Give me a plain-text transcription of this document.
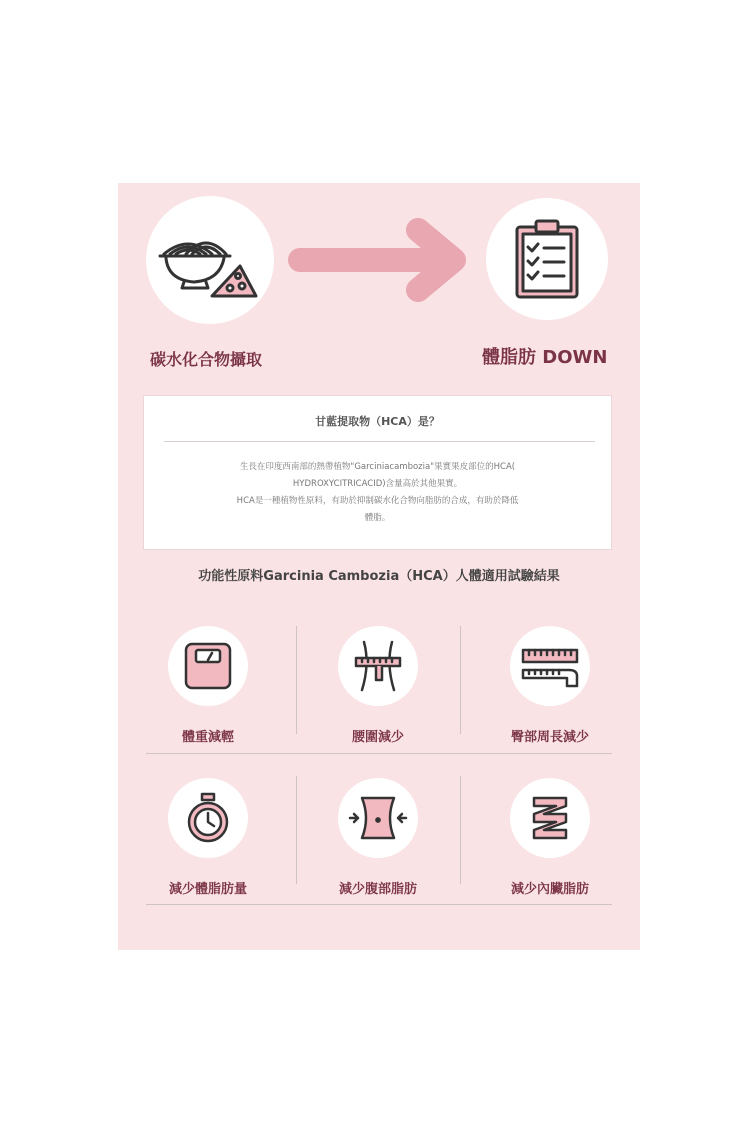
碳水化合物攝取	體脂肪 DOWN
甘藍提取物（HCA）是？
生長在印度西南部的熱帶植物"Garciniacambozia"果實果皮部位的HCA(
HYDROXYCITRICACID)含量高於其他果實。
HCA是一種植物性原料，有助於抑制碳水化合物向脂肪的合成，有助於降低
體脂。
功能性原料Garcinia Cambozia（HCA）人體適用試驗結果
體重減輕	腰圍減少	臀部周長減少
減少體脂肪量	減少腹部脂肪	減少內臟脂肪
